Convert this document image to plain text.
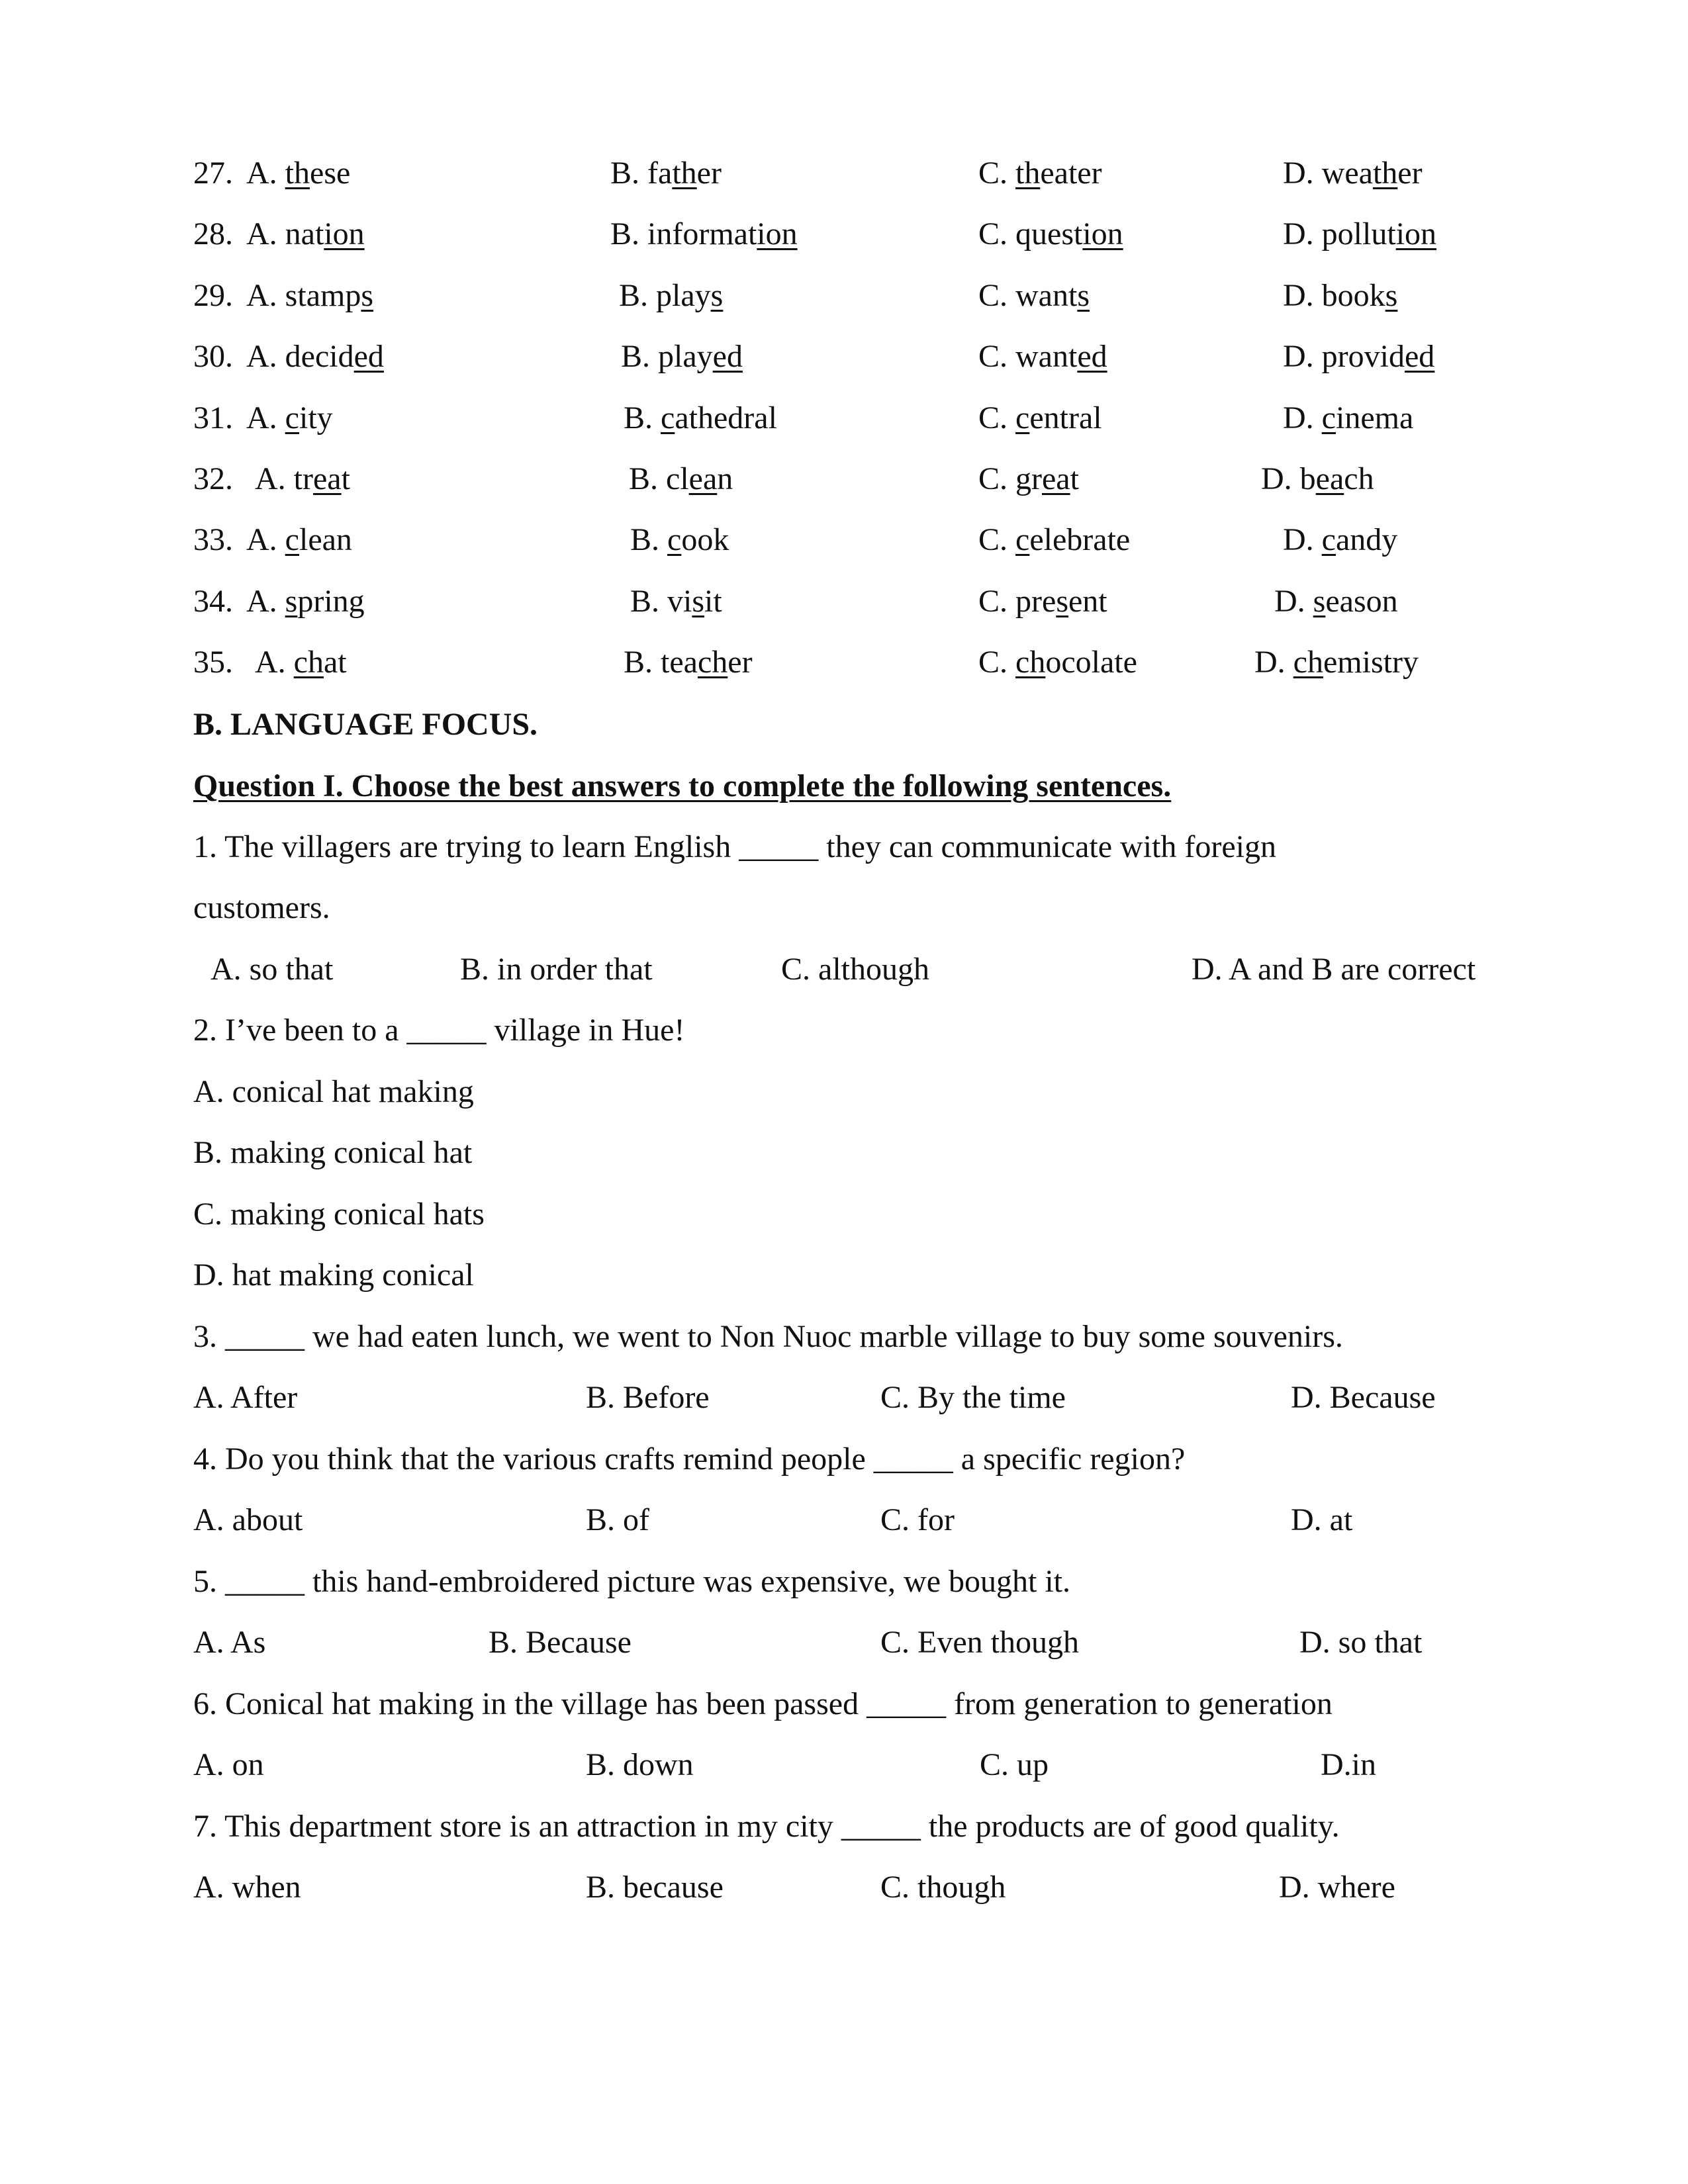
27. A. these	B. father	C. theater	D. weather
28. A. nation	B. information	C. question	D. pollution
29. A. stamps	B. plays	C. wants	D. books
30. A. decided	B. played	C. wanted	D. provided
31. A. city	B. cathedral	C. central	D. cinema
32. A. treat	B. clean	C. great	D. beach
33. A. clean	B. cook	C. celebrate	D. candy
34. A. spring	B. visit	C. present	D. season
35. A. chat	B. teacher	C. chocolate	D. chemistry
B. LANGUAGE FOCUS.
Question I. Choose the best answers to complete the following sentences.
1. The villagers are trying to learn English _____ they can communicate with foreign
customers.
A. so that	B. in order that	C. although	D. A and B are correct
2. I’ve been to a _____ village in Hue!
A. conical hat making
B. making conical hat
C. making conical hats
D. hat making conical
3. _____ we had eaten lunch, we went to Non Nuoc marble village to buy some souvenirs.
A. After	B. Before	C. By the time	D. Because
4. Do you think that the various crafts remind people _____ a specific region?
A. about	B. of	C. for	D. at
5. _____ this hand-embroidered picture was expensive, we bought it.
A. As	B. Because	C. Even though	D. so that
6. Conical hat making in the village has been passed _____ from generation to generation
A. on	B. down	C. up	D.in
7. This department store is an attraction in my city _____ the products are of good quality.
A. when	B. because	C. though	D. where
